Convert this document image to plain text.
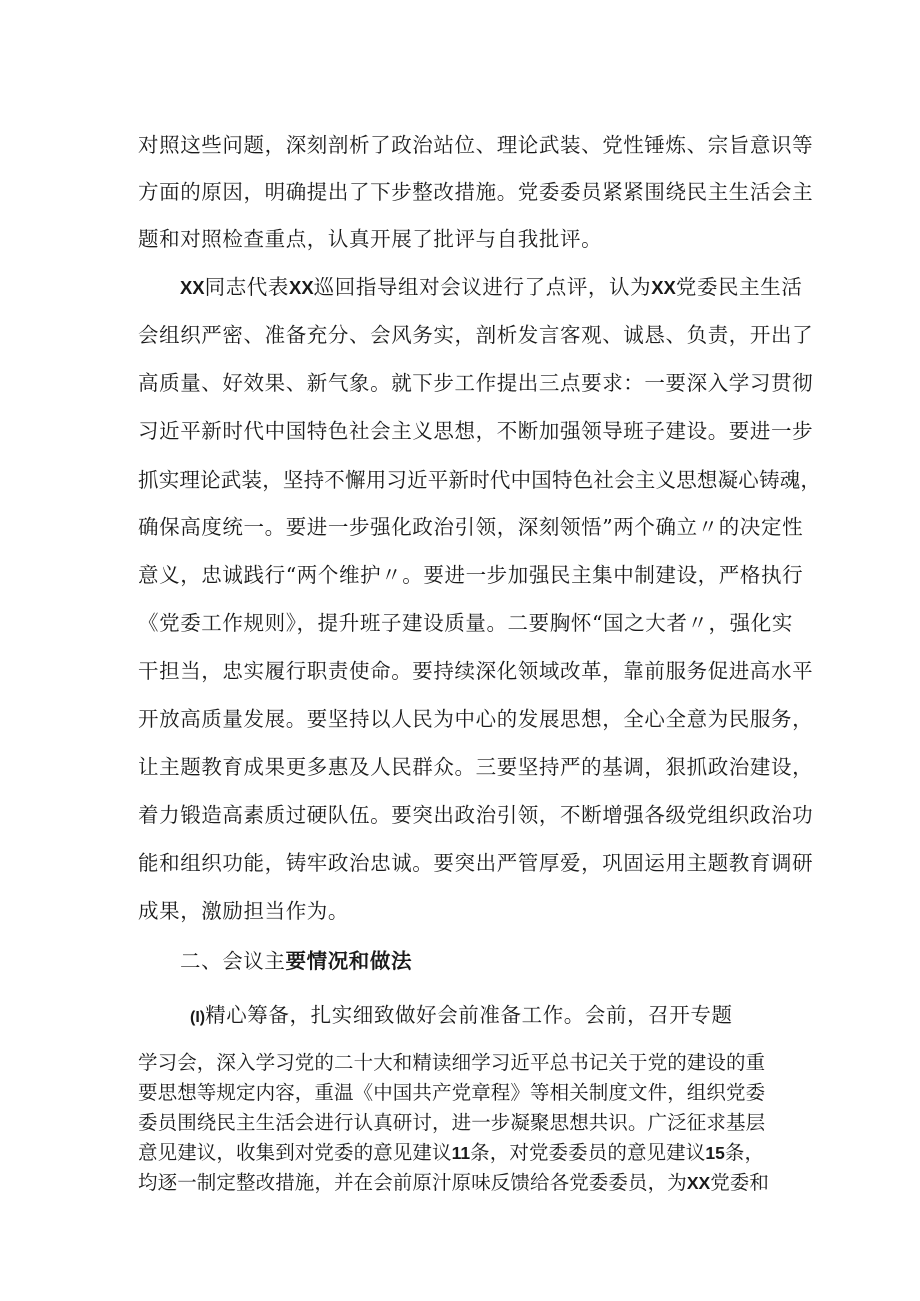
对照这些问题，深刻剖析了政治站位、理论武装、党性锤炼、宗旨意识等
方面的原因，明确提出了下步整改措施。党委委员紧紧围绕民主生活会主
题和对照检查重点，认真开展了批评与自我批评。
XX同志代表XX巡回指导组对会议进行了点评，认为XX党委民主生活
会组织严密、准备充分、会风务实，剖析发言客观、诚恳、负责，开出了
高质量、好效果、新气象。就下步工作提出三点要求：一要深入学习贯彻
习近平新时代中国特色社会主义思想，不断加强领导班子建设。要进一步
抓实理论武装，坚持不懈用习近平新时代中国特色社会主义思想凝心铸魂，
确保高度统一。要进一步强化政治引领，深刻领悟”两个确立〃的决定性
意义，忠诚践行“两个维护〃。要进一步加强民主集中制建设，严格执行
《党委工作规则》，提升班子建设质量。二要胸怀“国之大者〃，强化实
干担当，忠实履行职责使命。要持续深化领域改革，靠前服务促进高水平
开放高质量发展。要坚持以人民为中心的发展思想，全心全意为民服务，
让主题教育成果更多惠及人民群众。三要坚持严的基调，狠抓政治建设，
着力锻造高素质过硬队伍。要突出政治引领，不断增强各级党组织政治功
能和组织功能，铸牢政治忠诚。要突出严管厚爱，巩固运用主题教育调研
成果，激励担当作为。
二、会议主要情况和做法
(I)精心筹备，扎实细致做好会前准备工作。会前，召开专题
学习会，深入学习党的二十大和精读细学习近平总书记关于党的建设的重
要思想等规定内容，重温《中国共产党章程》等相关制度文件，组织党委
委员围绕民主生活会进行认真研讨，进一步凝聚思想共识。广泛征求基层
意见建议，收集到对党委的意见建议11条，对党委委员的意见建议15条，
均逐一制定整改措施，并在会前原汁原味反馈给各党委委员，为XX党委和
